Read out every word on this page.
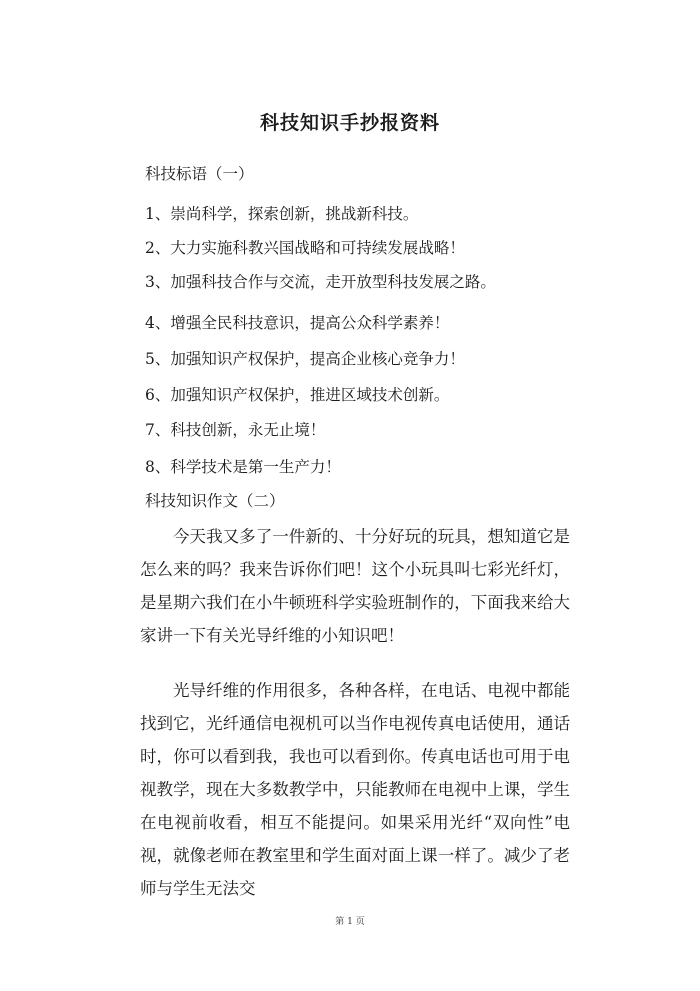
科技知识手抄报资料
科技标语（一）
1、崇尚科学，探索创新，挑战新科技。
2、大力实施科教兴国战略和可持续发展战略！
3、加强科技合作与交流，走开放型科技发展之路。
4、增强全民科技意识，提高公众科学素养！
5、加强知识产权保护，提高企业核心竞争力！
6、加强知识产权保护，推进区域技术创新。
7、科技创新，永无止境！
8、科学技术是第一生产力！
科技知识作文（二）
今天我又多了一件新的、十分好玩的玩具，想知道它是怎么来的吗？我来告诉你们吧！这个小玩具叫七彩光纤灯，是星期六我们在小牛顿班科学实验班制作的，下面我来给大家讲一下有关光导纤维的小知识吧！
光导纤维的作用很多，各种各样，在电话、电视中都能找到它，光纤通信电视机可以当作电视传真电话使用，通话时，你可以看到我，我也可以看到你。传真电话也可用于电视教学，现在大多数教学中，只能教师在电视中上课，学生在电视前收看，相互不能提问。如果采用光纤“双向性”电视，就像老师在教室里和学生面对面上课一样了。减少了老师与学生无法交
第 1 页
